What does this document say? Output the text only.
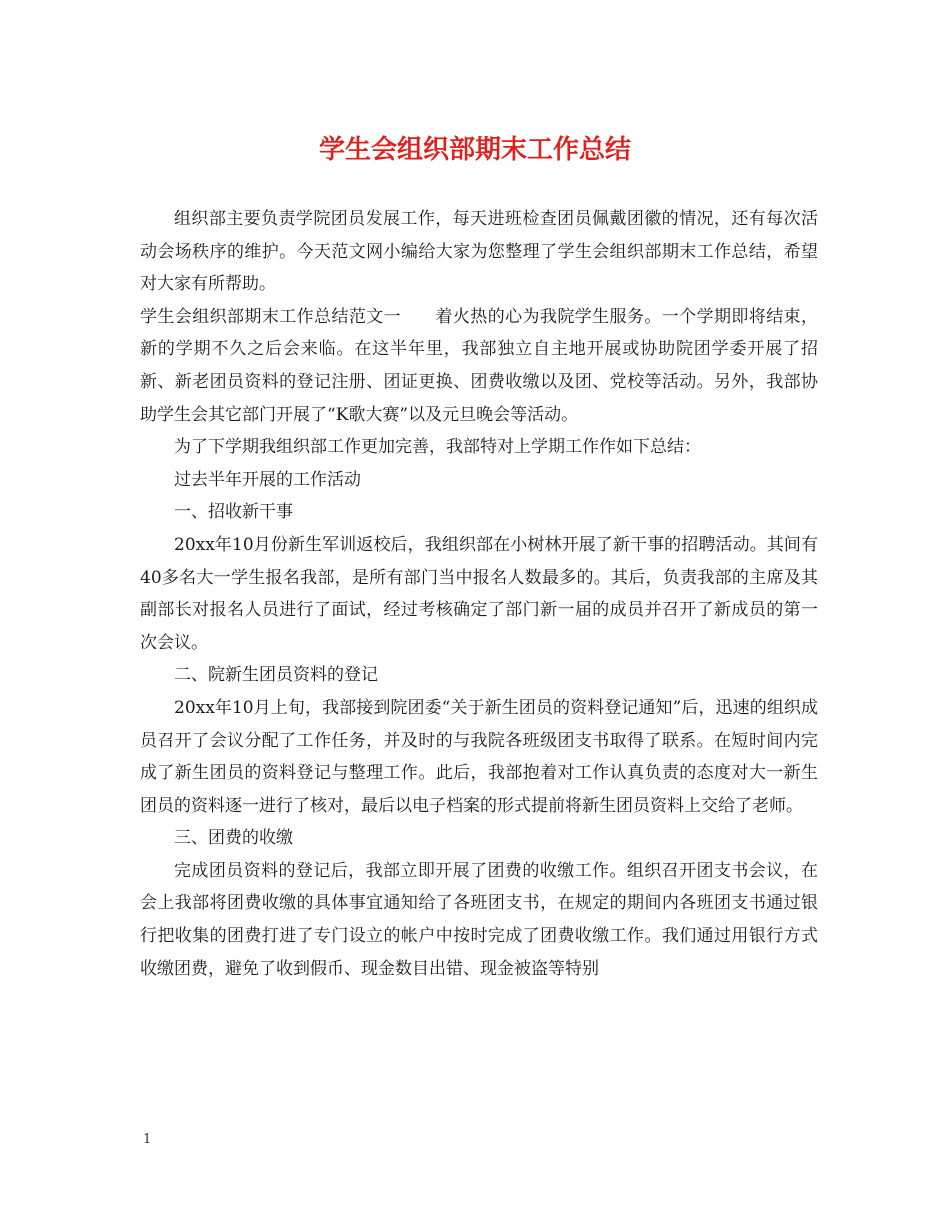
学生会组织部期末工作总结

组织部主要负责学院团员发展工作，每天进班检查团员佩戴团徽的情况，还有每次活动会场秩序的维护。今天范文网小编给大家为您整理了学生会组织部期末工作总结，希望对大家有所帮助。

学生会组织部期末工作总结范文一 着火热的心为我院学生服务。一个学期即将结束，新的学期不久之后会来临。在这半年里，我部独立自主地开展或协助院团学委开展了招新、新老团员资料的登记注册、团证更换、团费收缴以及团、党校等活动。另外，我部协助学生会其它部门开展了“K歌大赛”以及元旦晚会等活动。

为了下学期我组织部工作更加完善，我部特对上学期工作作如下总结：

过去半年开展的工作活动

一、招收新干事

20xx年10月份新生军训返校后，我组织部在小树林开展了新干事的招聘活动。其间有40多名大一学生报名我部，是所有部门当中报名人数最多的。其后，负责我部的主席及其副部长对报名人员进行了面试，经过考核确定了部门新一届的成员并召开了新成员的第一次会议。

二、院新生团员资料的登记

20xx年10月上旬，我部接到院团委“关于新生团员的资料登记通知”后，迅速的组织成员召开了会议分配了工作任务，并及时的与我院各班级团支书取得了联系。在短时间内完成了新生团员的资料登记与整理工作。此后，我部抱着对工作认真负责的态度对大一新生团员的资料逐一进行了核对，最后以电子档案的形式提前将新生团员资料上交给了老师。

三、团费的收缴

完成团员资料的登记后，我部立即开展了团费的收缴工作。组织召开团支书会议，在会上我部将团费收缴的具体事宜通知给了各班团支书，在规定的期间内各班团支书通过银行把收集的团费打进了专门设立的帐户中按时完成了团费收缴工作。我们通过用银行方式收缴团费，避免了收到假币、现金数目出错、现金被盗等特别

1
